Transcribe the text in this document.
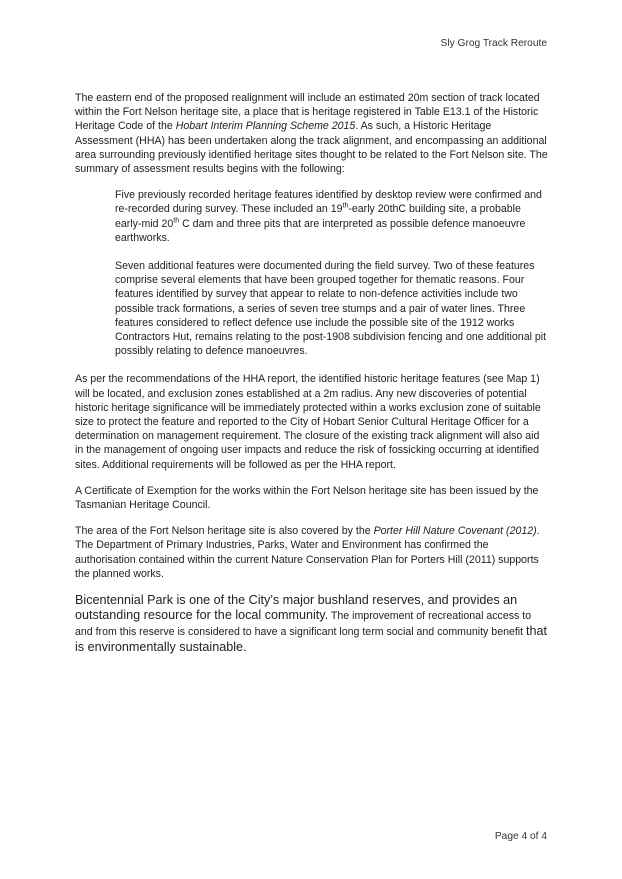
Sly Grog Track Reroute

The eastern end of the proposed realignment will include an estimated 20m section of track located within the Fort Nelson heritage site, a place that is heritage registered in Table E13.1 of the Historic Heritage Code of the Hobart Interim Planning Scheme 2015. As such, a Historic Heritage Assessment (HHA) has been undertaken along the track alignment, and encompassing an additional area surrounding previously identified heritage sites thought to be related to the Fort Nelson site. The summary of assessment results begins with the following:

Five previously recorded heritage features identified by desktop review were confirmed and re-recorded during survey. These included an 19th-early 20thC building site, a probable early-mid 20th C dam and three pits that are interpreted as possible defence manoeuvre earthworks.

Seven additional features were documented during the field survey. Two of these features comprise several elements that have been grouped together for thematic reasons. Four features identified by survey that appear to relate to non-defence activities include two possible track formations, a series of seven tree stumps and a pair of water lines. Three features considered to reflect defence use include the possible site of the 1912 works Contractors Hut, remains relating to the post-1908 subdivision fencing and one additional pit possibly relating to defence manoeuvres.

As per the recommendations of the HHA report, the identified historic heritage features (see Map 1) will be located, and exclusion zones established at a 2m radius. Any new discoveries of potential historic heritage significance will be immediately protected within a works exclusion zone of suitable size to protect the feature and reported to the City of Hobart Senior Cultural Heritage Officer for a determination on management requirement. The closure of the existing track alignment will also aid in the management of ongoing user impacts and reduce the risk of fossicking occurring at identified sites. Additional requirements will be followed as per the HHA report.

A Certificate of Exemption for the works within the Fort Nelson heritage site has been issued by the Tasmanian Heritage Council.

The area of the Fort Nelson heritage site is also covered by the Porter Hill Nature Covenant (2012). The Department of Primary Industries, Parks, Water and Environment has confirmed the authorisation contained within the current Nature Conservation Plan for Porters Hill (2011) supports the planned works.

Bicentennial Park is one of the City’s major bushland reserves, and provides an outstanding resource for the local community. The improvement of recreational access to and from this reserve is considered to have a significant long term social and community benefit that is environmentally sustainable.

Page 4 of 4
